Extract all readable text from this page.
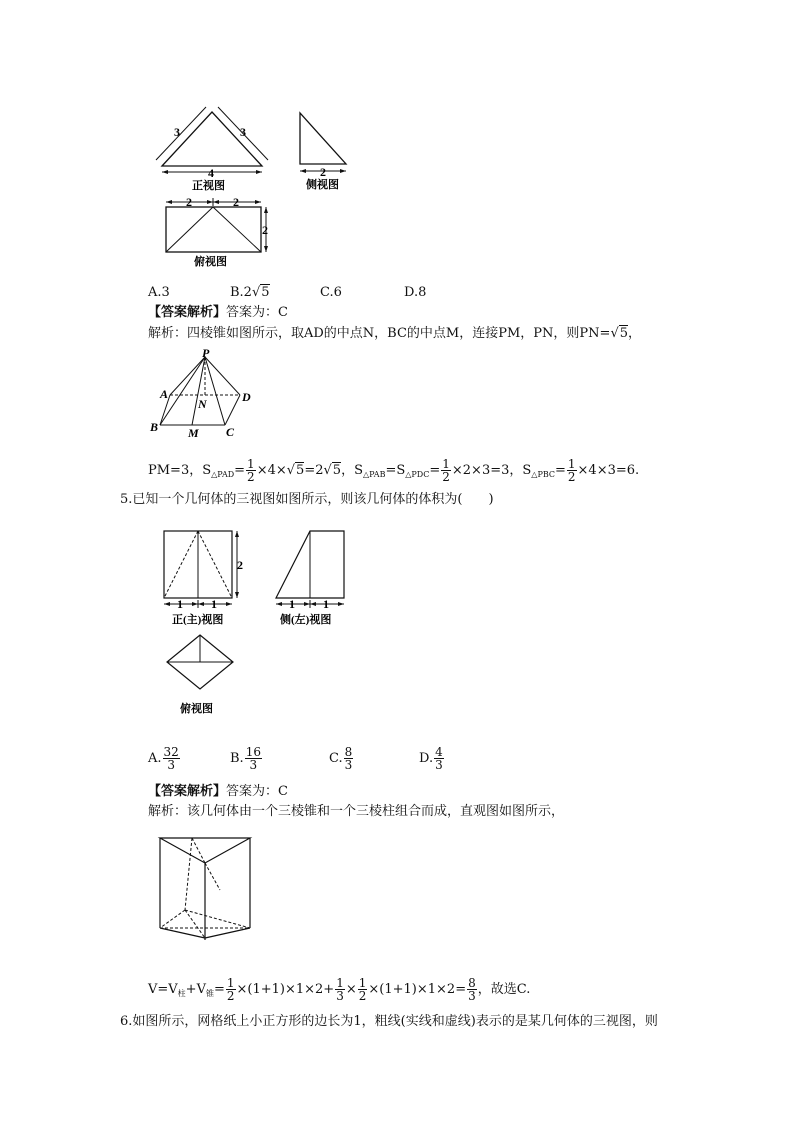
3	3
4
正视图
2
侧视图
2	2
2
俯视图
A.3	B.2√5	C.6	D.8
【答案解析】答案为：C
解析：四棱锥如图所示，取AD的中点N，BC的中点M，连接PM，PN，则PN=√5，
P
A	D
N
B M C
PM=3，$S_{\triangle PAD}= \frac{1}{2} \times 4\times√5=2√5$，$S_{\triangle PAB}=S_{\triangle PDC}= \frac{1}{2} \times 2\times 3=3$，$S_{\triangle PBC}= \frac{1}{2} \times 4\times 3=6$.
5.已知一个几何体的三视图如图所示，则该几何体的体积为(　　)
2
1 1
正(主)视图
1 1
侧(左)视图
俯视图
A. $\frac{32}{3}$	B. $\frac{16}{3}$	C. $\frac{8}{3}$	D. $\frac{4}{3}$
【答案解析】答案为：C
解析：该几何体由一个三棱锥和一个三棱柱组合而成，直观图如图所示，
$V=V_柱+V_锥= \frac{1}{2} \times(1+1)\times 1\times 2+ \frac{1}{3} \times \frac{1}{2} \times(1+1)\times 1\times 2= \frac{8}{3}$ ，故选C.
6.如图所示，网格纸上小正方形的边长为1，粗线(实线和虚线)表示的是某几何体的三视图，则
